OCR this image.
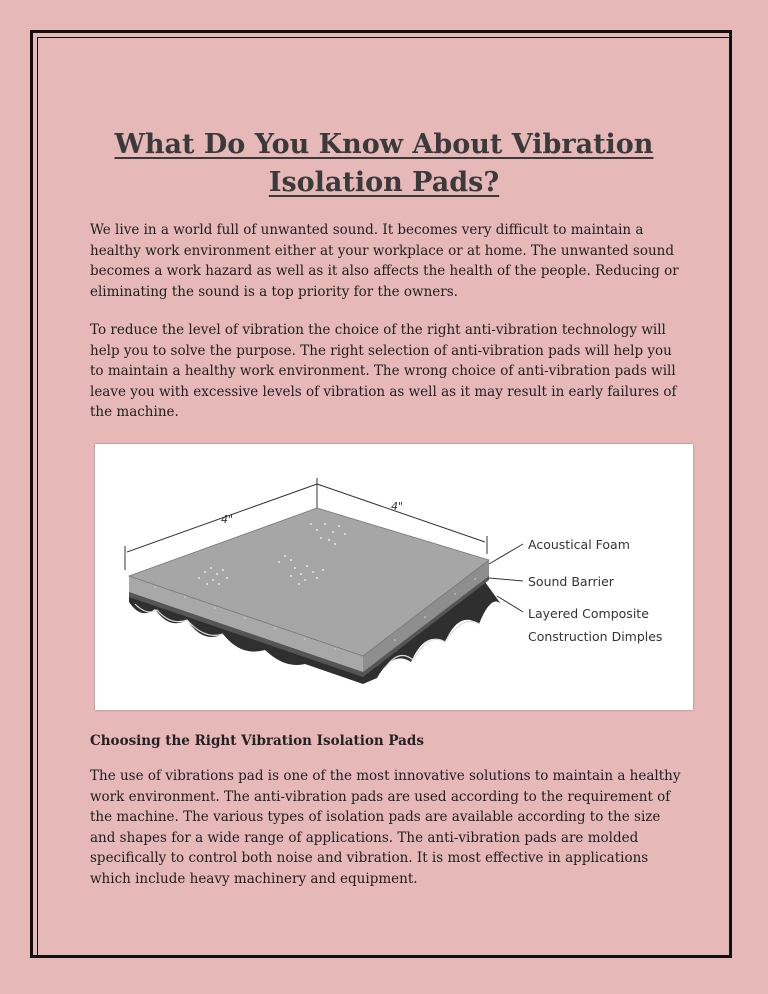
What Do You Know About Vibration Isolation Pads?

We live in a world full of unwanted sound. It becomes very difficult to maintain a healthy work environment either at your workplace or at home. The unwanted sound becomes a work hazard as well as it also affects the health of the people. Reducing or eliminating the sound is a top priority for the owners.

To reduce the level of vibration the choice of the right anti-vibration technology will help you to solve the purpose. The right selection of anti-vibration pads will help you to maintain a healthy work environment. The wrong choice of anti-vibration pads will leave you with excessive levels of vibration as well as it may result in early failures of the machine.

4"
4"
Acoustical Foam
Sound Barrier
Layered Composite
Construction Dimples
Choosing the Right Vibration Isolation Pads

The use of vibrations pad is one of the most innovative solutions to maintain a healthy work environment. The anti-vibration pads are used according to the requirement of the machine. The various types of isolation pads are available according to the size and shapes for a wide range of applications. The anti-vibration pads are molded specifically to control both noise and vibration. It is most effective in applications which include heavy machinery and equipment.
